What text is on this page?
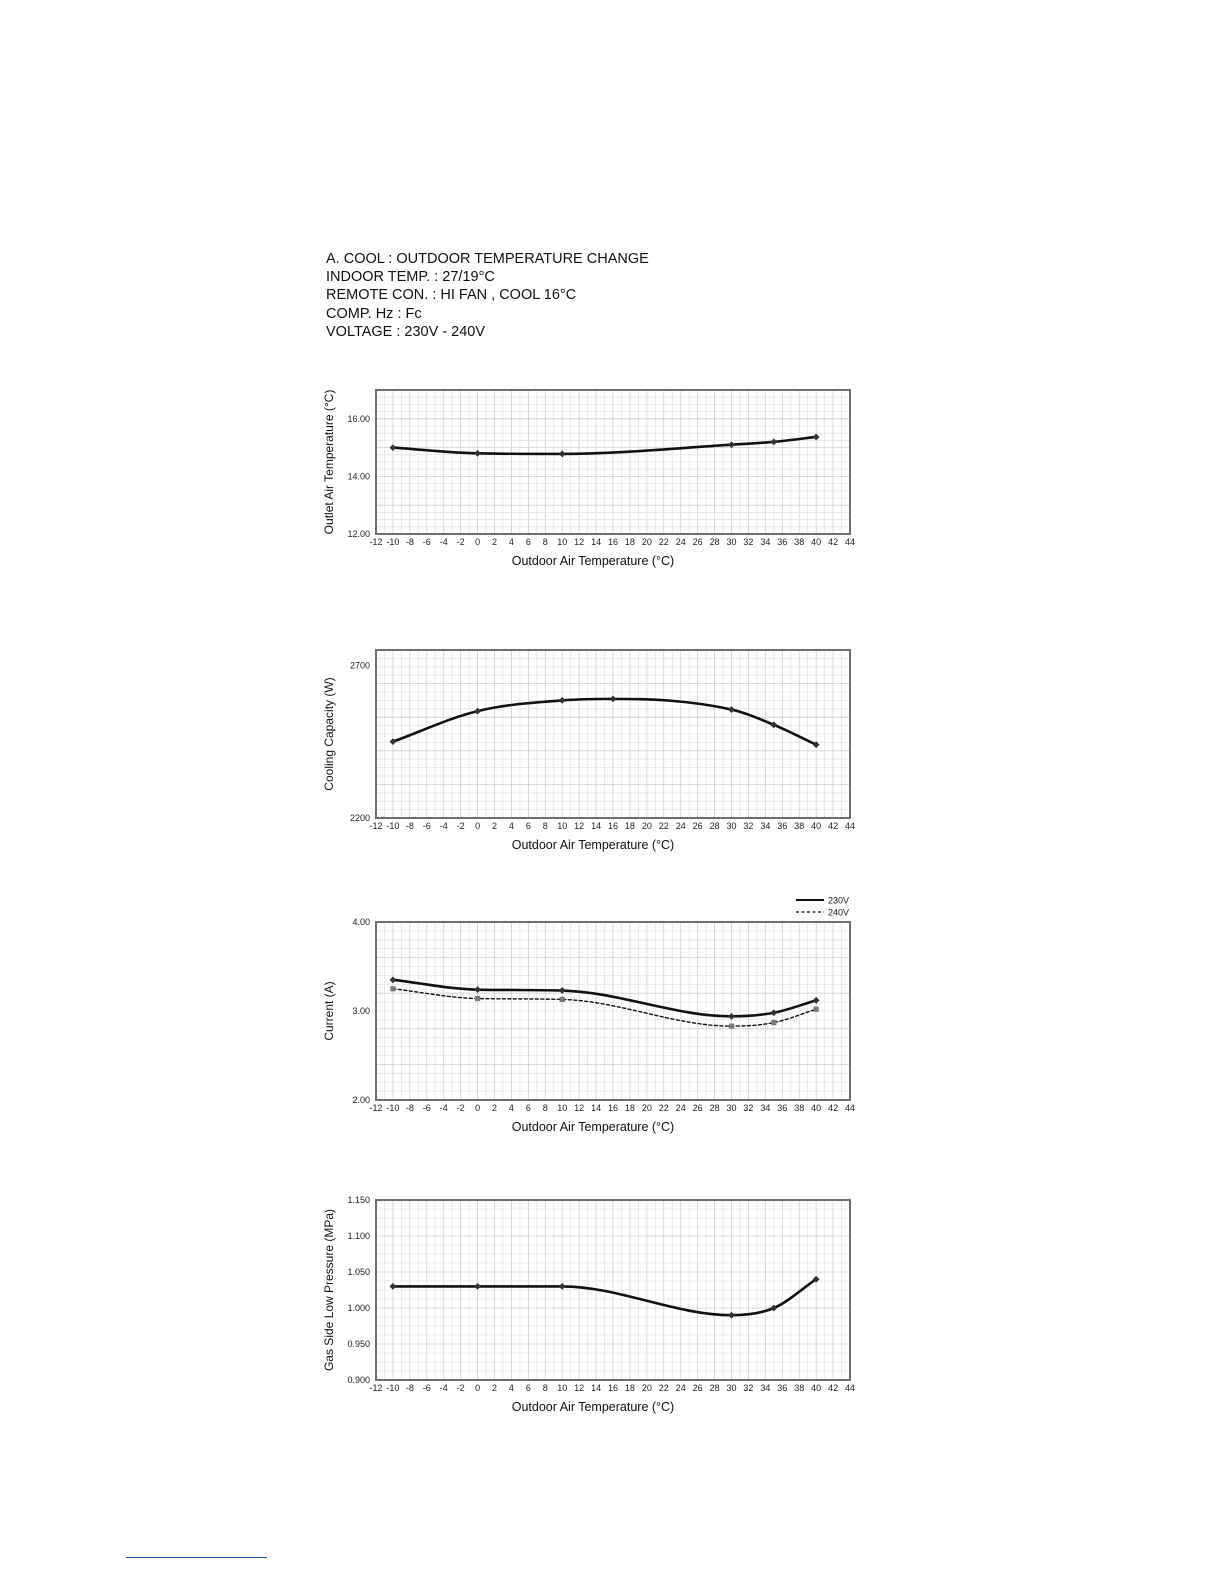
A. COOL : OUTDOOR TEMPERATURE CHANGE
INDOOR TEMP. : 27/19°C
REMOTE CON. : HI FAN , COOL 16°C
COMP. Hz : Fc
VOLTAGE : 230V - 240V
-12 -10 -8 -6 -4 -2 0 2 4 6 8 10 12 14 16 18 20 22 24 26 28 30 32 34 36 38 40 42 44
12.00
14.00
16.00
Outdoor Air Temperature (°C)
Outlet Air Temperature (°C)
-12 -10 -8 -6 -4 -2 0 2 4 6 8 10 12 14 16 18 20 22 24 26 28 30 32 34 36 38 40 42 44
2200
2700
Outdoor Air Temperature (°C)
Cooling Capacity (W)
-12 -10 -8 -6 -4 -2 0 2 4 6 8 10 12 14 16 18 20 22 24 26 28 30 32 34 36 38 40 42 44
2.00
3.00
4.00
Outdoor Air Temperature (°C)
Current (A)
230V
240V
-12 -10 -8 -6 -4 -2 0 2 4 6 8 10 12 14 16 18 20 22 24 26 28 30 32 34 36 38 40 42 44
0.900
0.950
1.000
1.050
1.100
1.150
Outdoor Air Temperature (°C)
Gas Side Low Pressure (MPa)
